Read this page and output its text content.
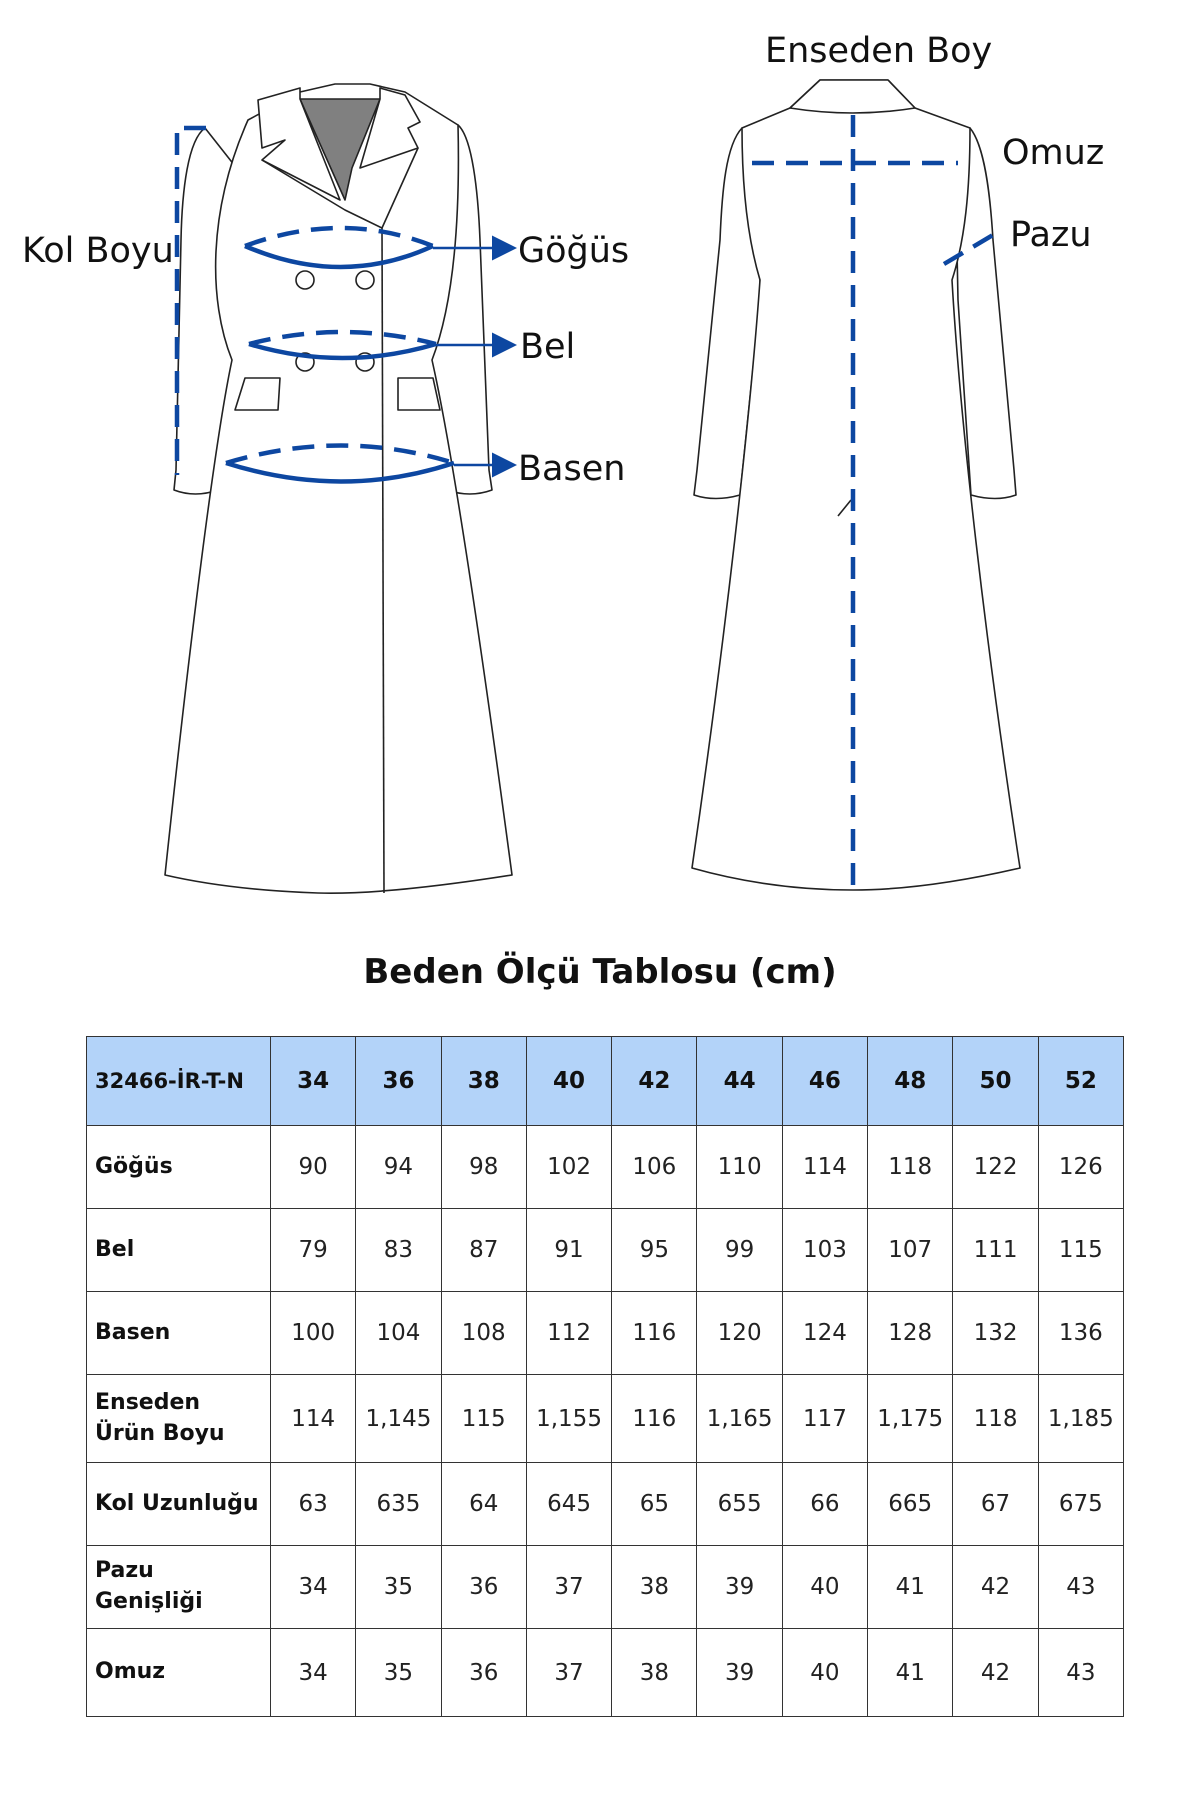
Kol Boyu	Göğüs
Bel
Basen
Enseden Boy
Omuz
Pazu
Beden Ölçü Tablosu (cm)
32466-İR-T-N	34	36	38	40	42	44	46	48	50	52
Göğüs	90	94	98	102	106	110	114	118	122	126
Bel	79	83	87	91	95	99	103	107	111	115
Basen	100	104	108	112	116	120	124	128	132	136
Enseden Ürün Boyu	114	1,145	115	1,155	116	1,165	117	1,175	118	1,185
Kol Uzunluğu	63	635	64	645	65	655	66	665	67	675
Pazu Genişliği	34	35	36	37	38	39	40	41	42	43
Omuz	34	35	36	37	38	39	40	41	42	43
